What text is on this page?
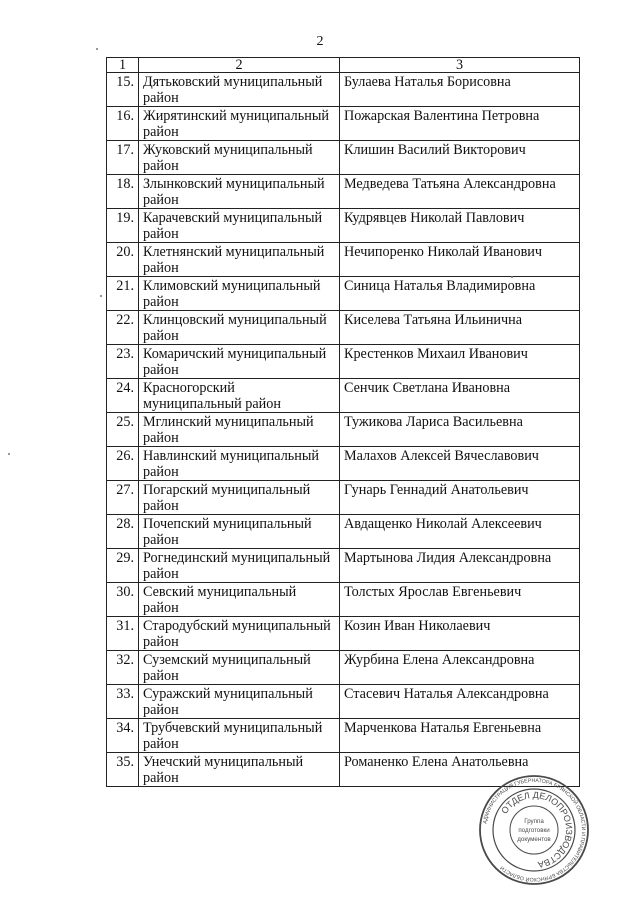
2
1	2	3
15.	Дятьковский муниципальный район	Булаева Наталья Борисовна
16.	Жирятинский муниципальный район	Пожарская Валентина Петровна
17.	Жуковский муниципальный район	Клишин Василий Викторович
18.	Злынковский муниципальный район	Медведева Татьяна Александровна
19.	Карачевский муниципальный район	Кудрявцев Николай Павлович
20.	Клетнянский муниципальный район	Нечипоренко Николай Иванович
21.	Климовский муниципальный район	Синица Наталья Владимировна
22.	Клинцовский муниципальный район	Киселева Татьяна Ильинична
23.	Комаричский муниципальный район	Крестенков Михаил Иванович
24.	Красногорский муниципальный район	Сенчик Светлана Ивановна
25.	Мглинский муниципальный район	Тужикова Лариса Васильевна
26.	Навлинский муниципальный район	Малахов Алексей Вячеславович
27.	Погарский муниципальный район	Гунарь Геннадий Анатольевич
28.	Почепский муниципальный район	Авдащенко Николай Алексеевич
29.	Рогнединский муниципальный район	Мартынова Лидия Александровна
30.	Севский муниципальный район	Толстых Ярослав Евгеньевич
31.	Стародубский муниципальный район	Козин Иван Николаевич
32.	Суземский муниципальный район	Журбина Елена Александровна
33.	Суражский муниципальный район	Стасевич Наталья Александровна
34.	Трубчевский муниципальный район	Марченкова Наталья Евгеньевна
35.	Унечский муниципальный район	Романенко Елена Анатольевна
АДМИНИСТРАЦИЯ ГУБЕРНАТОРА БРЯНСКОЙ ОБЛАСТИ И ПРАВИТЕЛЬСТВА БРЯНСКОЙ ОБЛАСТИ
ОТДЕЛ ДЕЛОПРОИЗВОДСТВА
Группа
подготовки
документов
